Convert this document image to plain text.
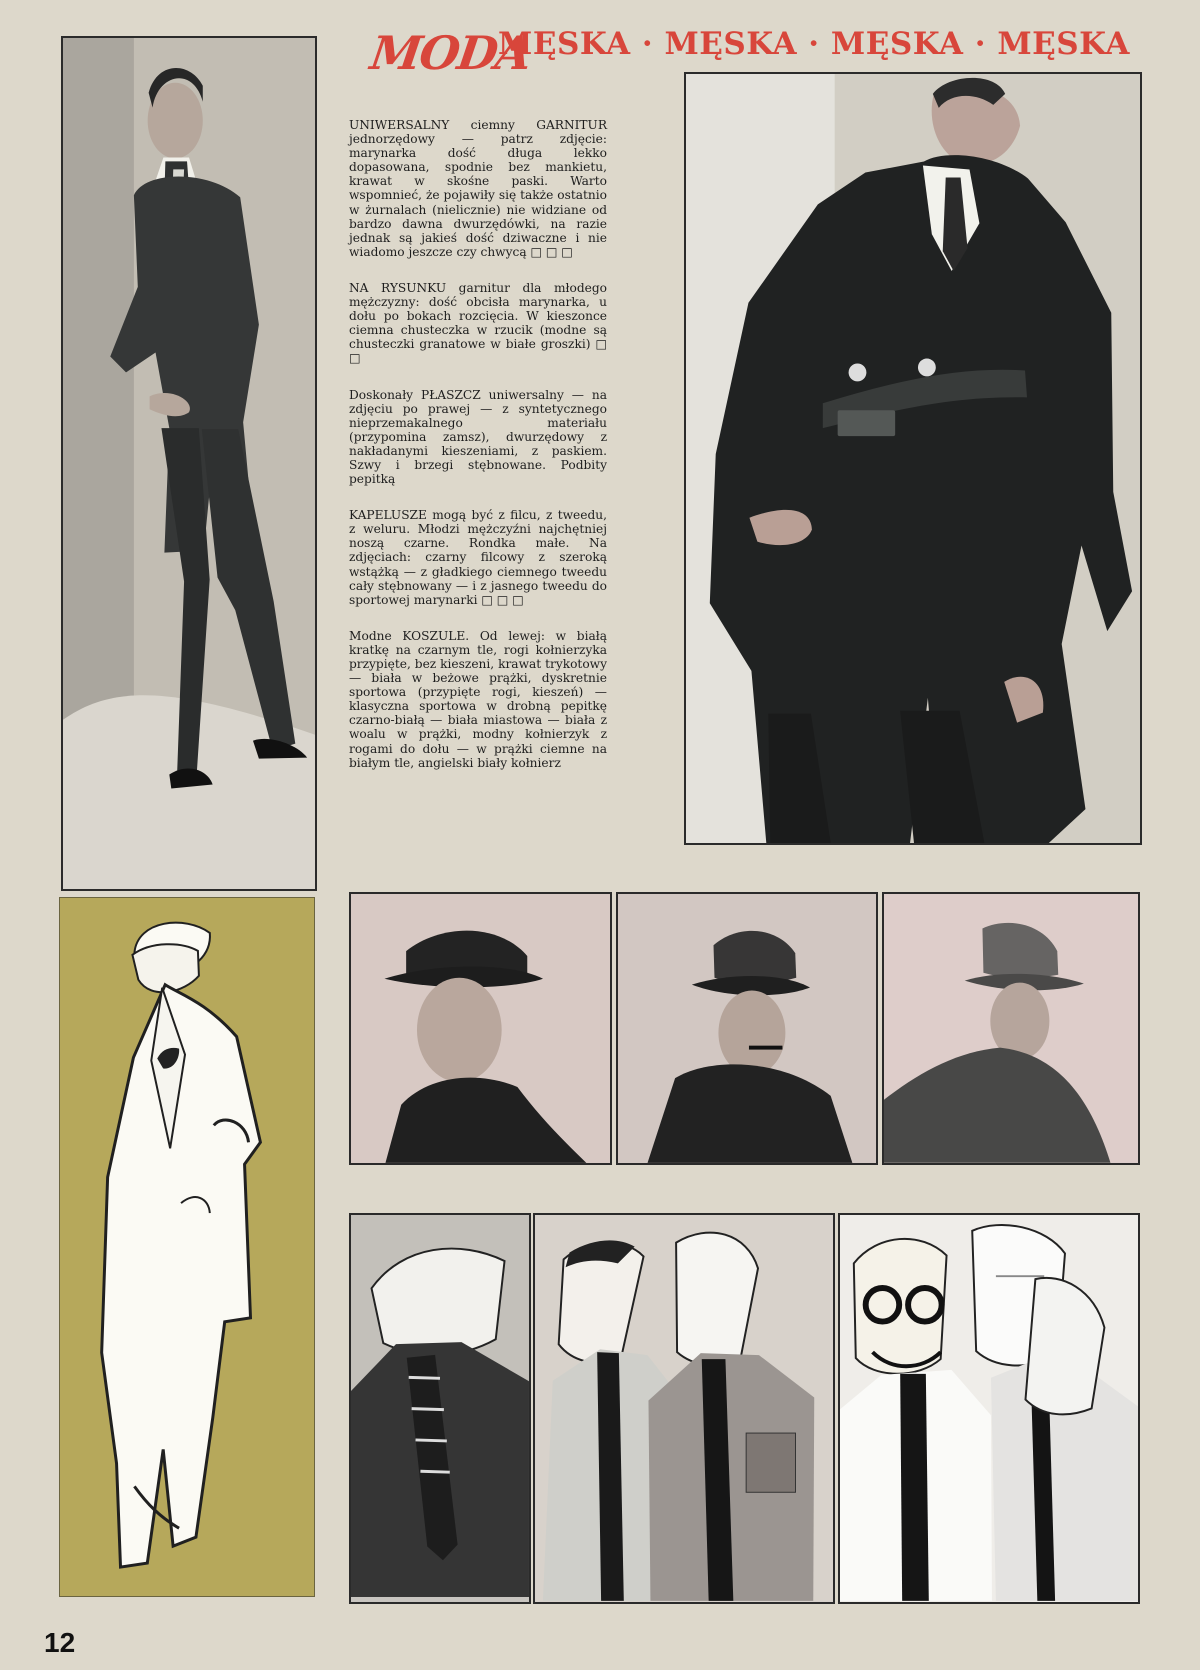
MODA
MĘSKA · MĘSKA · MĘSKA · MĘSKA

UNIWERSALNY ciemny GARNITUR jednorzędowy — patrz zdjęcie: marynarka dość długa lekko dopasowana, spodnie bez mankietu, krawat w skośne paski. Warto wspomnieć, że pojawiły się także ostatnio w żurnalach (nielicznie) nie widziane od bardzo dawna dwurzędówki, na razie jednak są jakieś dość dziwaczne i nie wiadomo jeszcze czy chwycą □ □ □

NA RYSUNKU garnitur dla młodego mężczyzny: dość obcisła marynarka, u dołu po bokach rozcięcia. W kieszonce ciemna chusteczka w rzucik (modne są chusteczki granatowe w białe groszki) □ □

Doskonały PŁASZCZ uniwersalny — na zdjęciu po prawej — z syntetycznego nieprzemakalnego materiału (przypomina zamsz), dwurzędowy z nakładanymi kieszeniami, z paskiem. Szwy i brzegi stębnowane. Podbity pepitką

KAPELUSZE mogą być z filcu, z tweedu, z weluru. Młodzi mężczyźni najchętniej noszą czarne. Rondka małe. Na zdjęciach: czarny filcowy z szeroką wstążką — z gładkiego ciemnego tweedu cały stębnowany — i z jasnego tweedu do sportowej marynarki □ □ □

Modne KOSZULE. Od lewej: w białą kratkę na czarnym tle, rogi kołnierzyka przypięte, bez kieszeni, krawat trykotowy — biała w beżowe prążki, dyskretnie sportowa (przypięte rogi, kieszeń) — klasyczna sportowa w drobną pepitkę czarno-białą — biała miastowa — biała z woalu w prążki, modny kołnierzyk z rogami do dołu — w prążki ciemne na białym tle, angielski biały kołnierz

12
